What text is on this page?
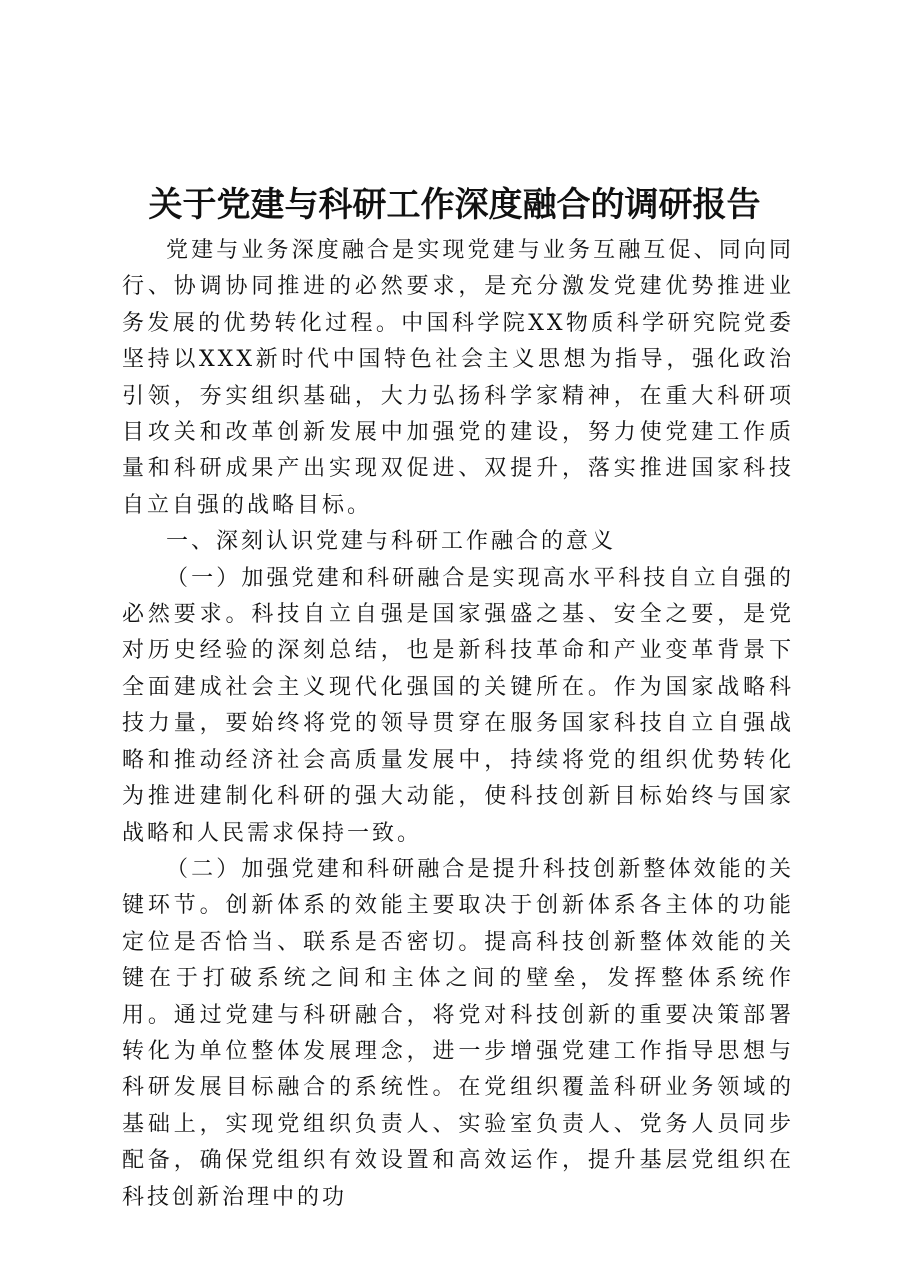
关于党建与科研工作深度融合的调研报告

党建与业务深度融合是实现党建与业务互融互促、同向同行、协调协同推进的必然要求，是充分激发党建优势推进业务发展的优势转化过程。中国科学院XX物质科学研究院党委坚持以XXX新时代中国特色社会主义思想为指导，强化政治引领，夯实组织基础，大力弘扬科学家精神，在重大科研项目攻关和改革创新发展中加强党的建设，努力使党建工作质量和科研成果产出实现双促进、双提升，落实推进国家科技自立自强的战略目标。

一、深刻认识党建与科研工作融合的意义

（一）加强党建和科研融合是实现高水平科技自立自强的必然要求。科技自立自强是国家强盛之基、安全之要，是党对历史经验的深刻总结，也是新科技革命和产业变革背景下全面建成社会主义现代化强国的关键所在。作为国家战略科技力量，要始终将党的领导贯穿在服务国家科技自立自强战略和推动经济社会高质量发展中，持续将党的组织优势转化为推进建制化科研的强大动能，使科技创新目标始终与国家战略和人民需求保持一致。

（二）加强党建和科研融合是提升科技创新整体效能的关键环节。创新体系的效能主要取决于创新体系各主体的功能定位是否恰当、联系是否密切。提高科技创新整体效能的关键在于打破系统之间和主体之间的壁垒，发挥整体系统作用。通过党建与科研融合，将党对科技创新的重要决策部署转化为单位整体发展理念，进一步增强党建工作指导思想与科研发展目标融合的系统性。在党组织覆盖科研业务领域的基础上，实现党组织负责人、实验室负责人、党务人员同步配备，确保党组织有效设置和高效运作，提升基层党组织在科技创新治理中的功
